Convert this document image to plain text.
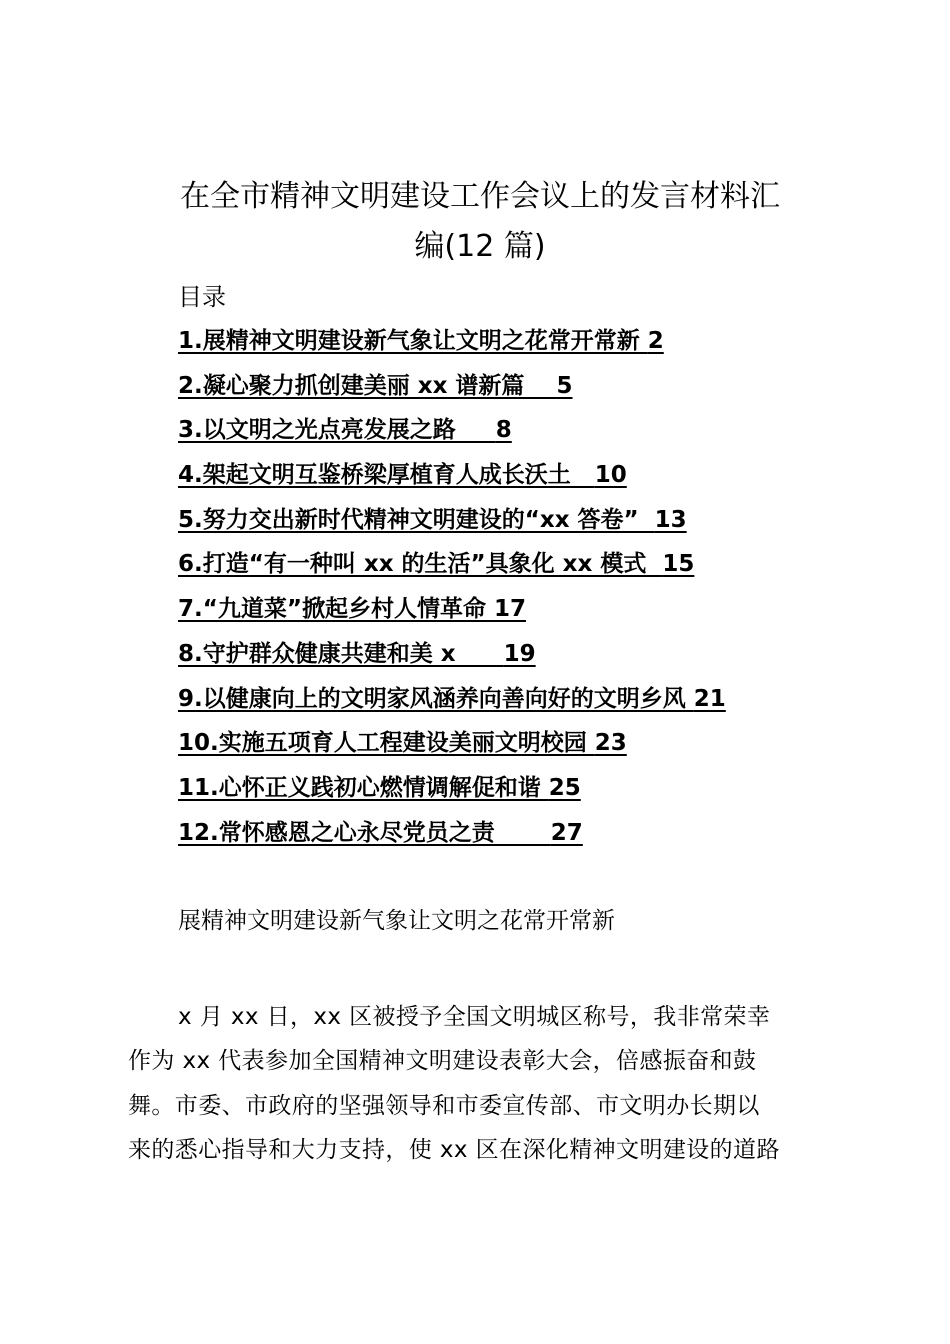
在全市精神文明建设工作会议上的发言材料汇
编(12 篇)
目录
1.展精神文明建设新气象让文明之花常开常新 2
2.凝心聚力抓创建美丽 xx 谱新篇    5
3.以文明之光点亮发展之路     8
4.架起文明互鉴桥梁厚植育人成长沃土   10
5.努力交出新时代精神文明建设的“xx 答卷”  13
6.打造“有一种叫 xx 的生活”具象化 xx 模式  15
7.“九道菜”掀起乡村人情革命 17
8.守护群众健康共建和美 x      19
9.以健康向上的文明家风涵养向善向好的文明乡风 21
10.实施五项育人工程建设美丽文明校园 23
11.心怀正义践初心燃情调解促和谐 25
12.常怀感恩之心永尽党员之责       27
展精神文明建设新气象让文明之花常开常新
x 月 xx 日，xx 区被授予全国文明城区称号，我非常荣幸
作为 xx 代表参加全国精神文明建设表彰大会，倍感振奋和鼓
舞。市委、市政府的坚强领导和市委宣传部、市文明办长期以
来的悉心指导和大力支持，使 xx 区在深化精神文明建设的道路
